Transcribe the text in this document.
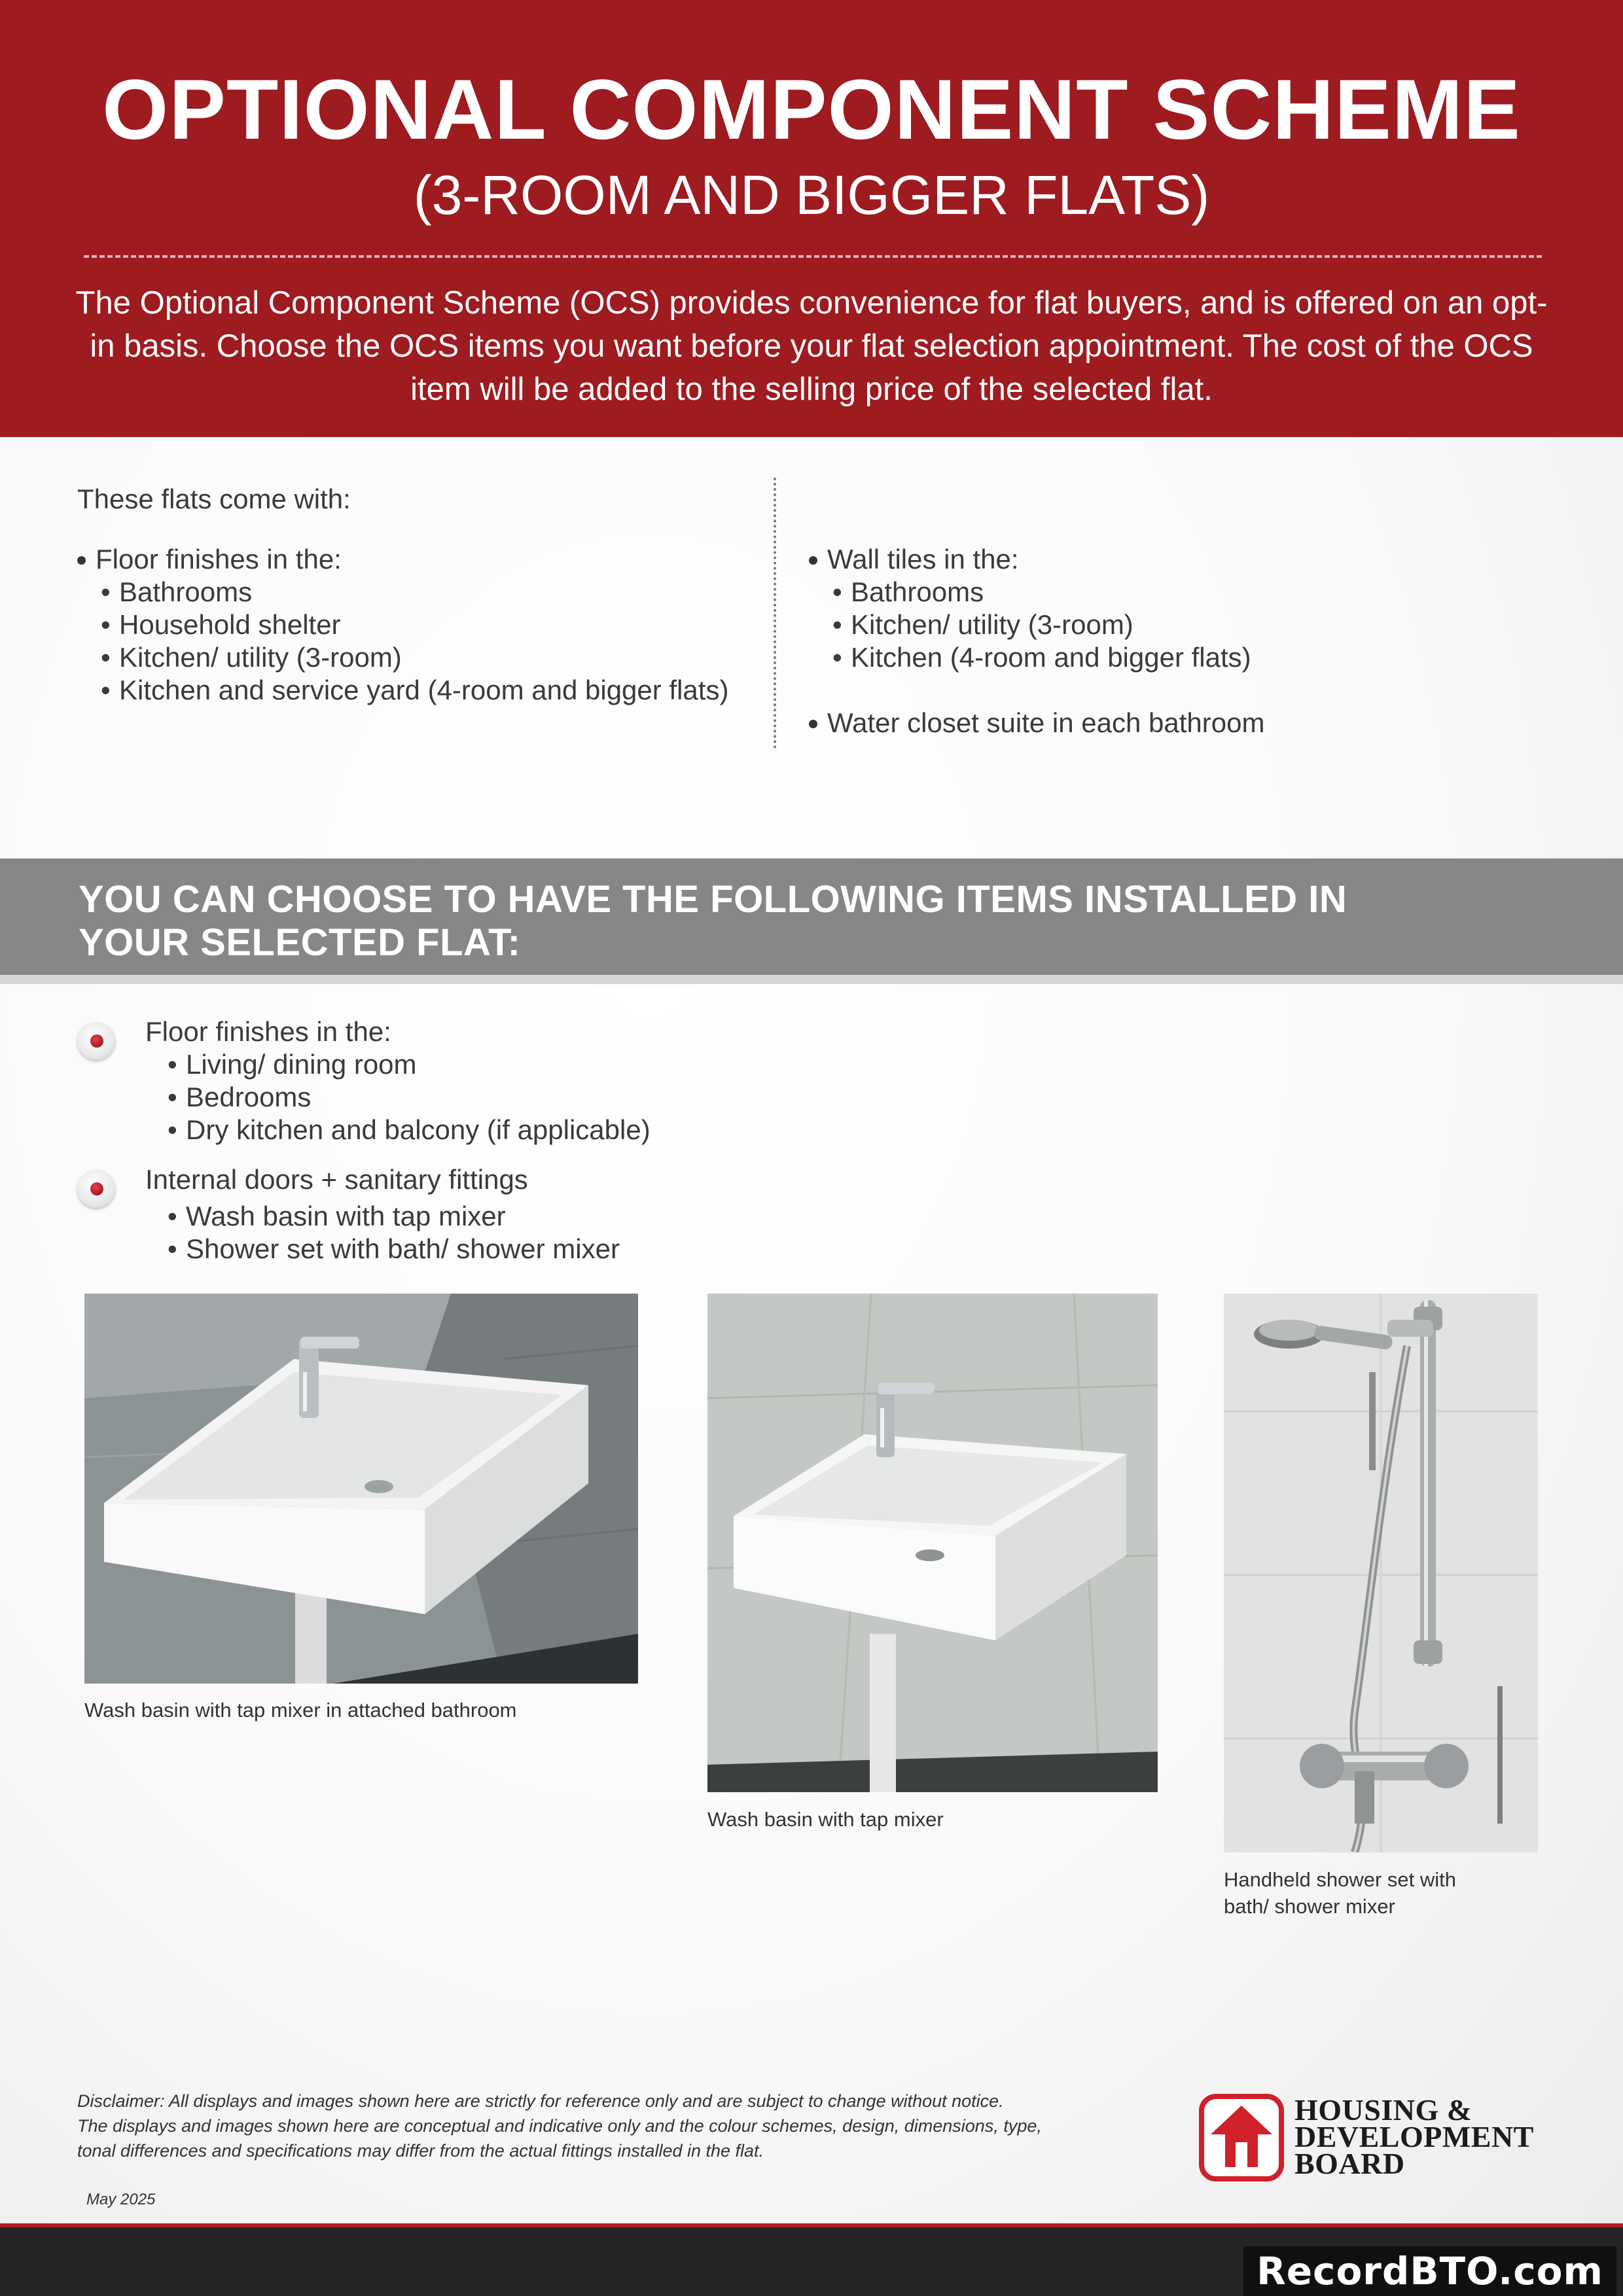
OPTIONAL COMPONENT SCHEME
(3-ROOM AND BIGGER FLATS)
The Optional Component Scheme (OCS) provides convenience for flat buyers, and is offered on an opt-in basis. Choose the OCS items you want before your flat selection appointment. The cost of the OCS item will be added to the selling price of the selected flat.
These flats come with:
Floor finishes in the:
• Bathrooms
• Household shelter
• Kitchen/ utility (3-room)
• Kitchen and service yard (4-room and bigger flats)
Wall tiles in the:
• Bathrooms
• Kitchen/ utility (3-room)
• Kitchen (4-room and bigger flats)
Water closet suite in each bathroom
YOU CAN CHOOSE TO HAVE THE FOLLOWING ITEMS INSTALLED IN
YOUR SELECTED FLAT:
Floor finishes in the:
• Living/ dining room
• Bedrooms
• Dry kitchen and balcony (if applicable)
Internal doors + sanitary fittings
• Wash basin with tap mixer
• Shower set with bath/ shower mixer
Wash basin with tap mixer in attached bathroom
Wash basin with tap mixer
Handheld shower set with
bath/ shower mixer
Disclaimer: All displays and images shown here are strictly for reference only and are subject to change without notice.
The displays and images shown here are conceptual and indicative only and the colour schemes, design, dimensions, type,
tonal differences and specifications may differ from the actual fittings installed in the flat.
May 2025
HOUSING &
DEVELOPMENT
BOARD
RecordBTO.com
